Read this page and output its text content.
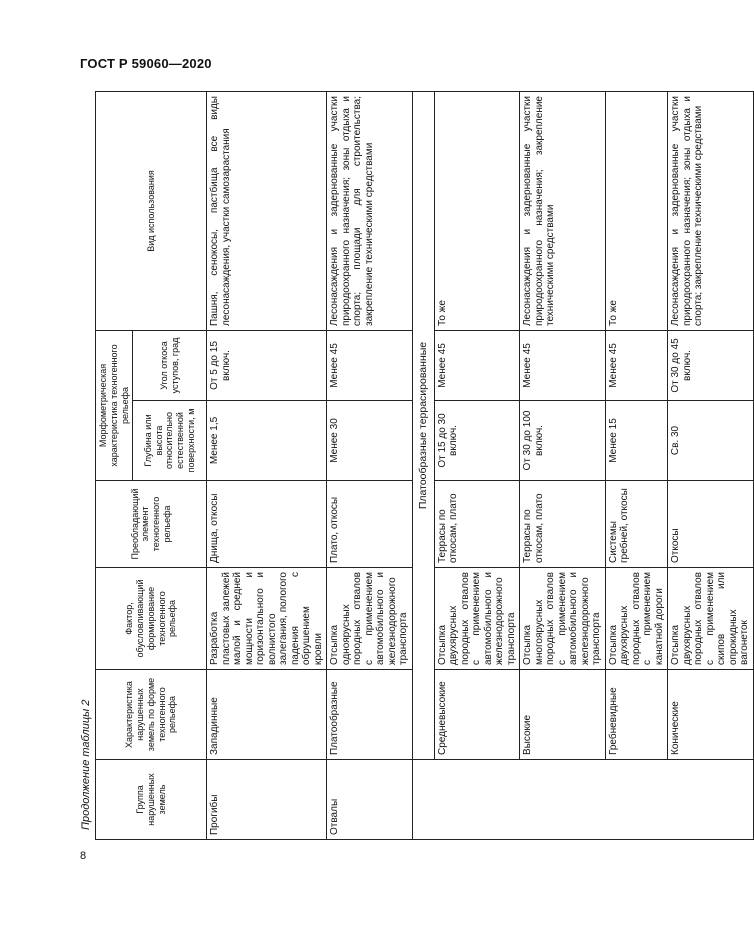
ГОСТ Р 59060—2020
Продолжение таблицы 2
8
Группа нарушенных земель	Характеристика нарушенных земель по форме техногенного рельефа	Фактор, обусловливающий формирование техногенного рельефа	Преобладающий элемент техногенного рельефа	Морфометрическая характеристика техногенного рельефа		Вид использования
				Глубина или высота относительно естественной поверхности, м	Угол откоса уступов, град	
Прогибы	Западинные	Разработка пластовых залежей малой и средней мощности и горизонтального и волнистого залегания, пологого падения с обрушением кровли	Днища, откосы	Менее 1,5	От 5 до 15 включ.	Пашня, сенокосы, пастбища все виды лесонасаждения, участки самозарастания
Отвалы	Платообразные	Отсыпка одноярусных породных отвалов с применением автомобильного и железнодорожного транспорта	Плато, откосы	Менее 30	Менее 45	Лесонасаждения и задернованные участки природоохранного назначения; зоны отдыха и спорта; площади для строительства; закрепление техническими средствами
	Платообразные террасированные					
	Средневысокие	Отсыпка двухярусных породных отвалов с применением автомобильного и железнодорожного транспорта	Террасы по откосам, плато	От 15 до 30 включ.	Менее 45	То же
	Высокие	Отсыпка многоярусных породных отвалов с применением автомобильного и железнодорожного транспорта	Террасы по откосам, плато	От 30 до 100 включ.	Менее 45	Лесонасаждения и задернованные участки природоохранного назначения; закрепление техническими средствами
	Гребневидные	Отсыпка двухярусных породных отвалов с применением канатной дороги	Системы гребней, откосы	Менее 15	Менее 45	То же
	Конические	Отсыпка двухярусных породных отвалов с применением скипов или опрокидных вагонеток	Откосы	Св. 30	От 30 до 45 включ.	Лесонасаждения и задернованные участки природоохранного назначения; зоны отдыха и спорта; закрепление техническими средствами
